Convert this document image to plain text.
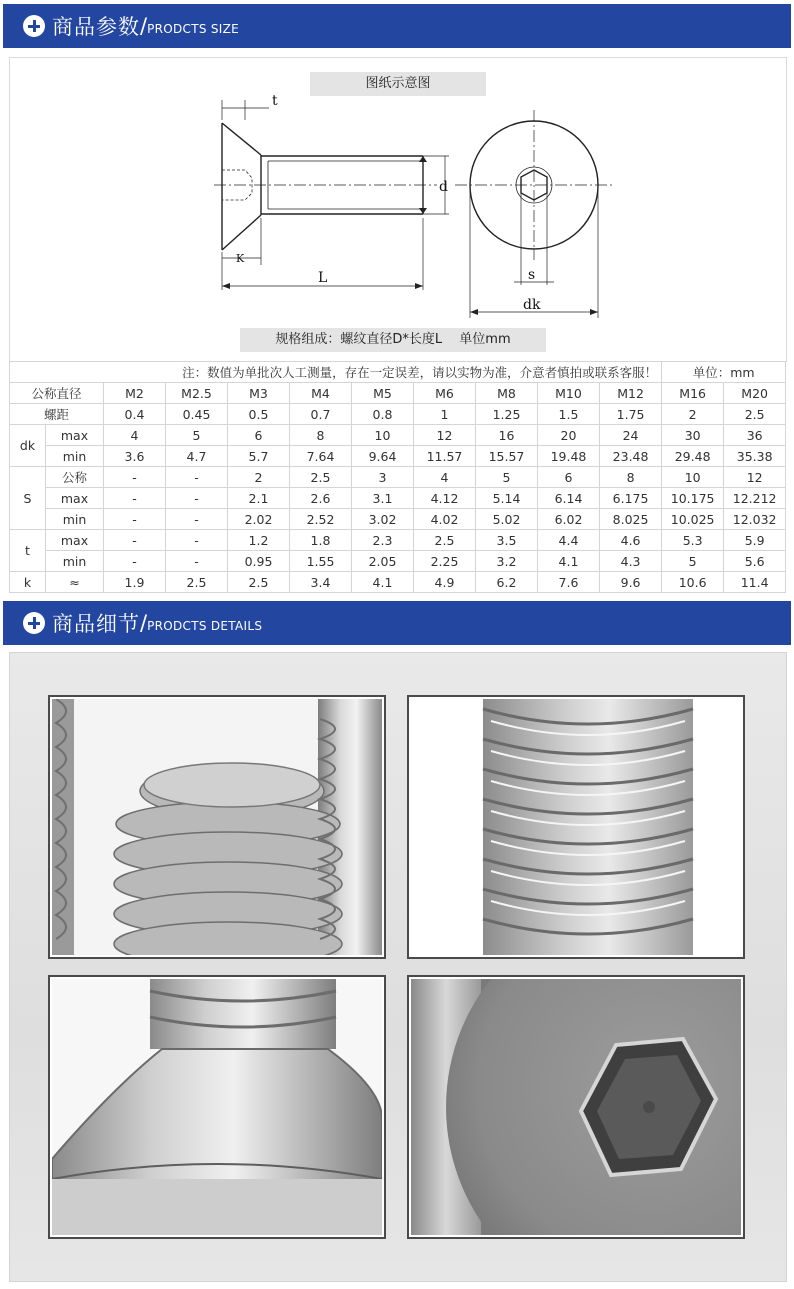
商品参数 / PRODCTS SIZE
图纸示意图
t
d
K
L	s
dk
规格组成：螺纹直径D*长度L　 单位mm
注：数值为单批次人工测量，存在一定误差，请以实物为准，介意者慎拍或联系客服！											单位：mm	
公称直径		M2	M2.5	M3	M4	M5	M6	M8	M10	M12	M16	M20
螺距		0.4	0.45	0.5	0.7	0.8	1	1.25	1.5	1.75	2	2.5
dk	max	4	5	6	8	10	12	16	20	24	30	36
	min	3.6	4.7	5.7	7.64	9.64	11.57	15.57	19.48	23.48	29.48	35.38
S	公称	-	-	2	2.5	3	4	5	6	8	10	12
	max	-	-	2.1	2.6	3.1	4.12	5.14	6.14	6.175	10.175	12.212
	min	-	-	2.02	2.52	3.02	4.02	5.02	6.02	8.025	10.025	12.032
t	max	-	-	1.2	1.8	2.3	2.5	3.5	4.4	4.6	5.3	5.9
	min	-	-	0.95	1.55	2.05	2.25	3.2	4.1	4.3	5	5.6
k	≈	1.9	2.5	2.5	3.4	4.1	4.9	6.2	7.6	9.6	10.6	11.4
商品细节 / PRODCTS DETAILS
